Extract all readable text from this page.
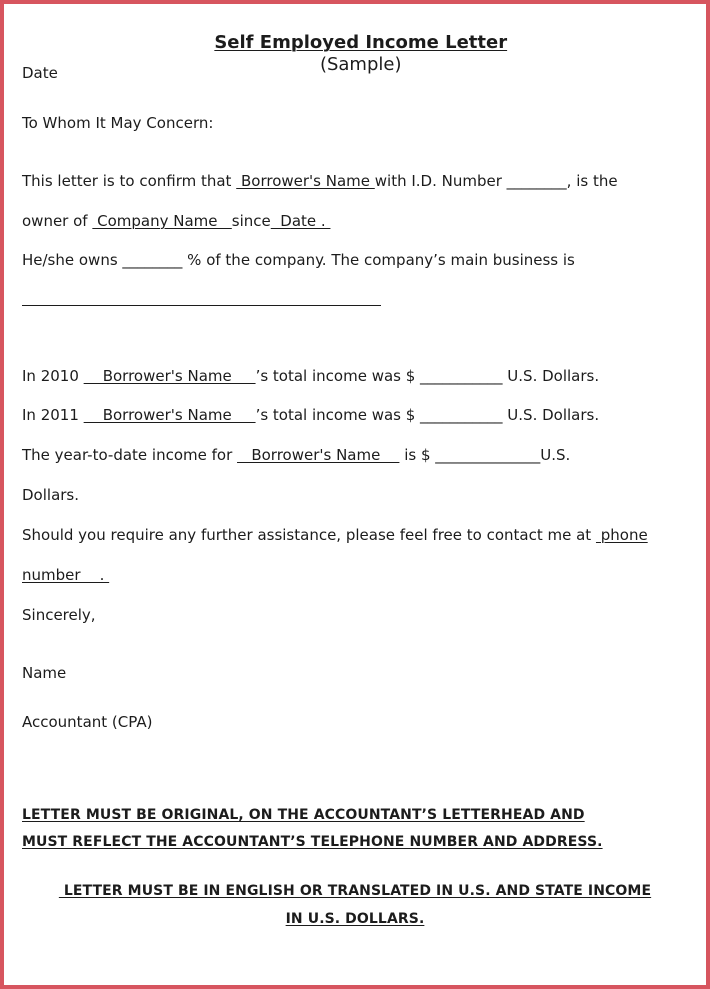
Self Employed Income Letter
(Sample)

Date
To Whom It May Concern:
This letter is to confirm that  Borrower's Name with I.D. Number ________, is the
owner of  Company Name   since  Date .
He/she owns ________ % of the company. The company’s main business is
In 2010     Borrower's Name     ’s total income was $ ___________ U.S. Dollars.
In 2011     Borrower's Name     ’s total income was $ ___________ U.S. Dollars.
The year-to-date income for    Borrower's Name     is $ ______________U.S.
Dollars.
Should you require any further assistance, please feel free to contact me at  phone
number    .
Sincerely,
Name
Accountant (CPA)
LETTER MUST BE ORIGINAL, ON THE ACCOUNTANT’S LETTERHEAD AND
MUST REFLECT THE ACCOUNTANT’S TELEPHONE NUMBER AND ADDRESS.
LETTER MUST BE IN ENGLISH OR TRANSLATED IN U.S. AND STATE INCOME
IN U.S. DOLLARS.
